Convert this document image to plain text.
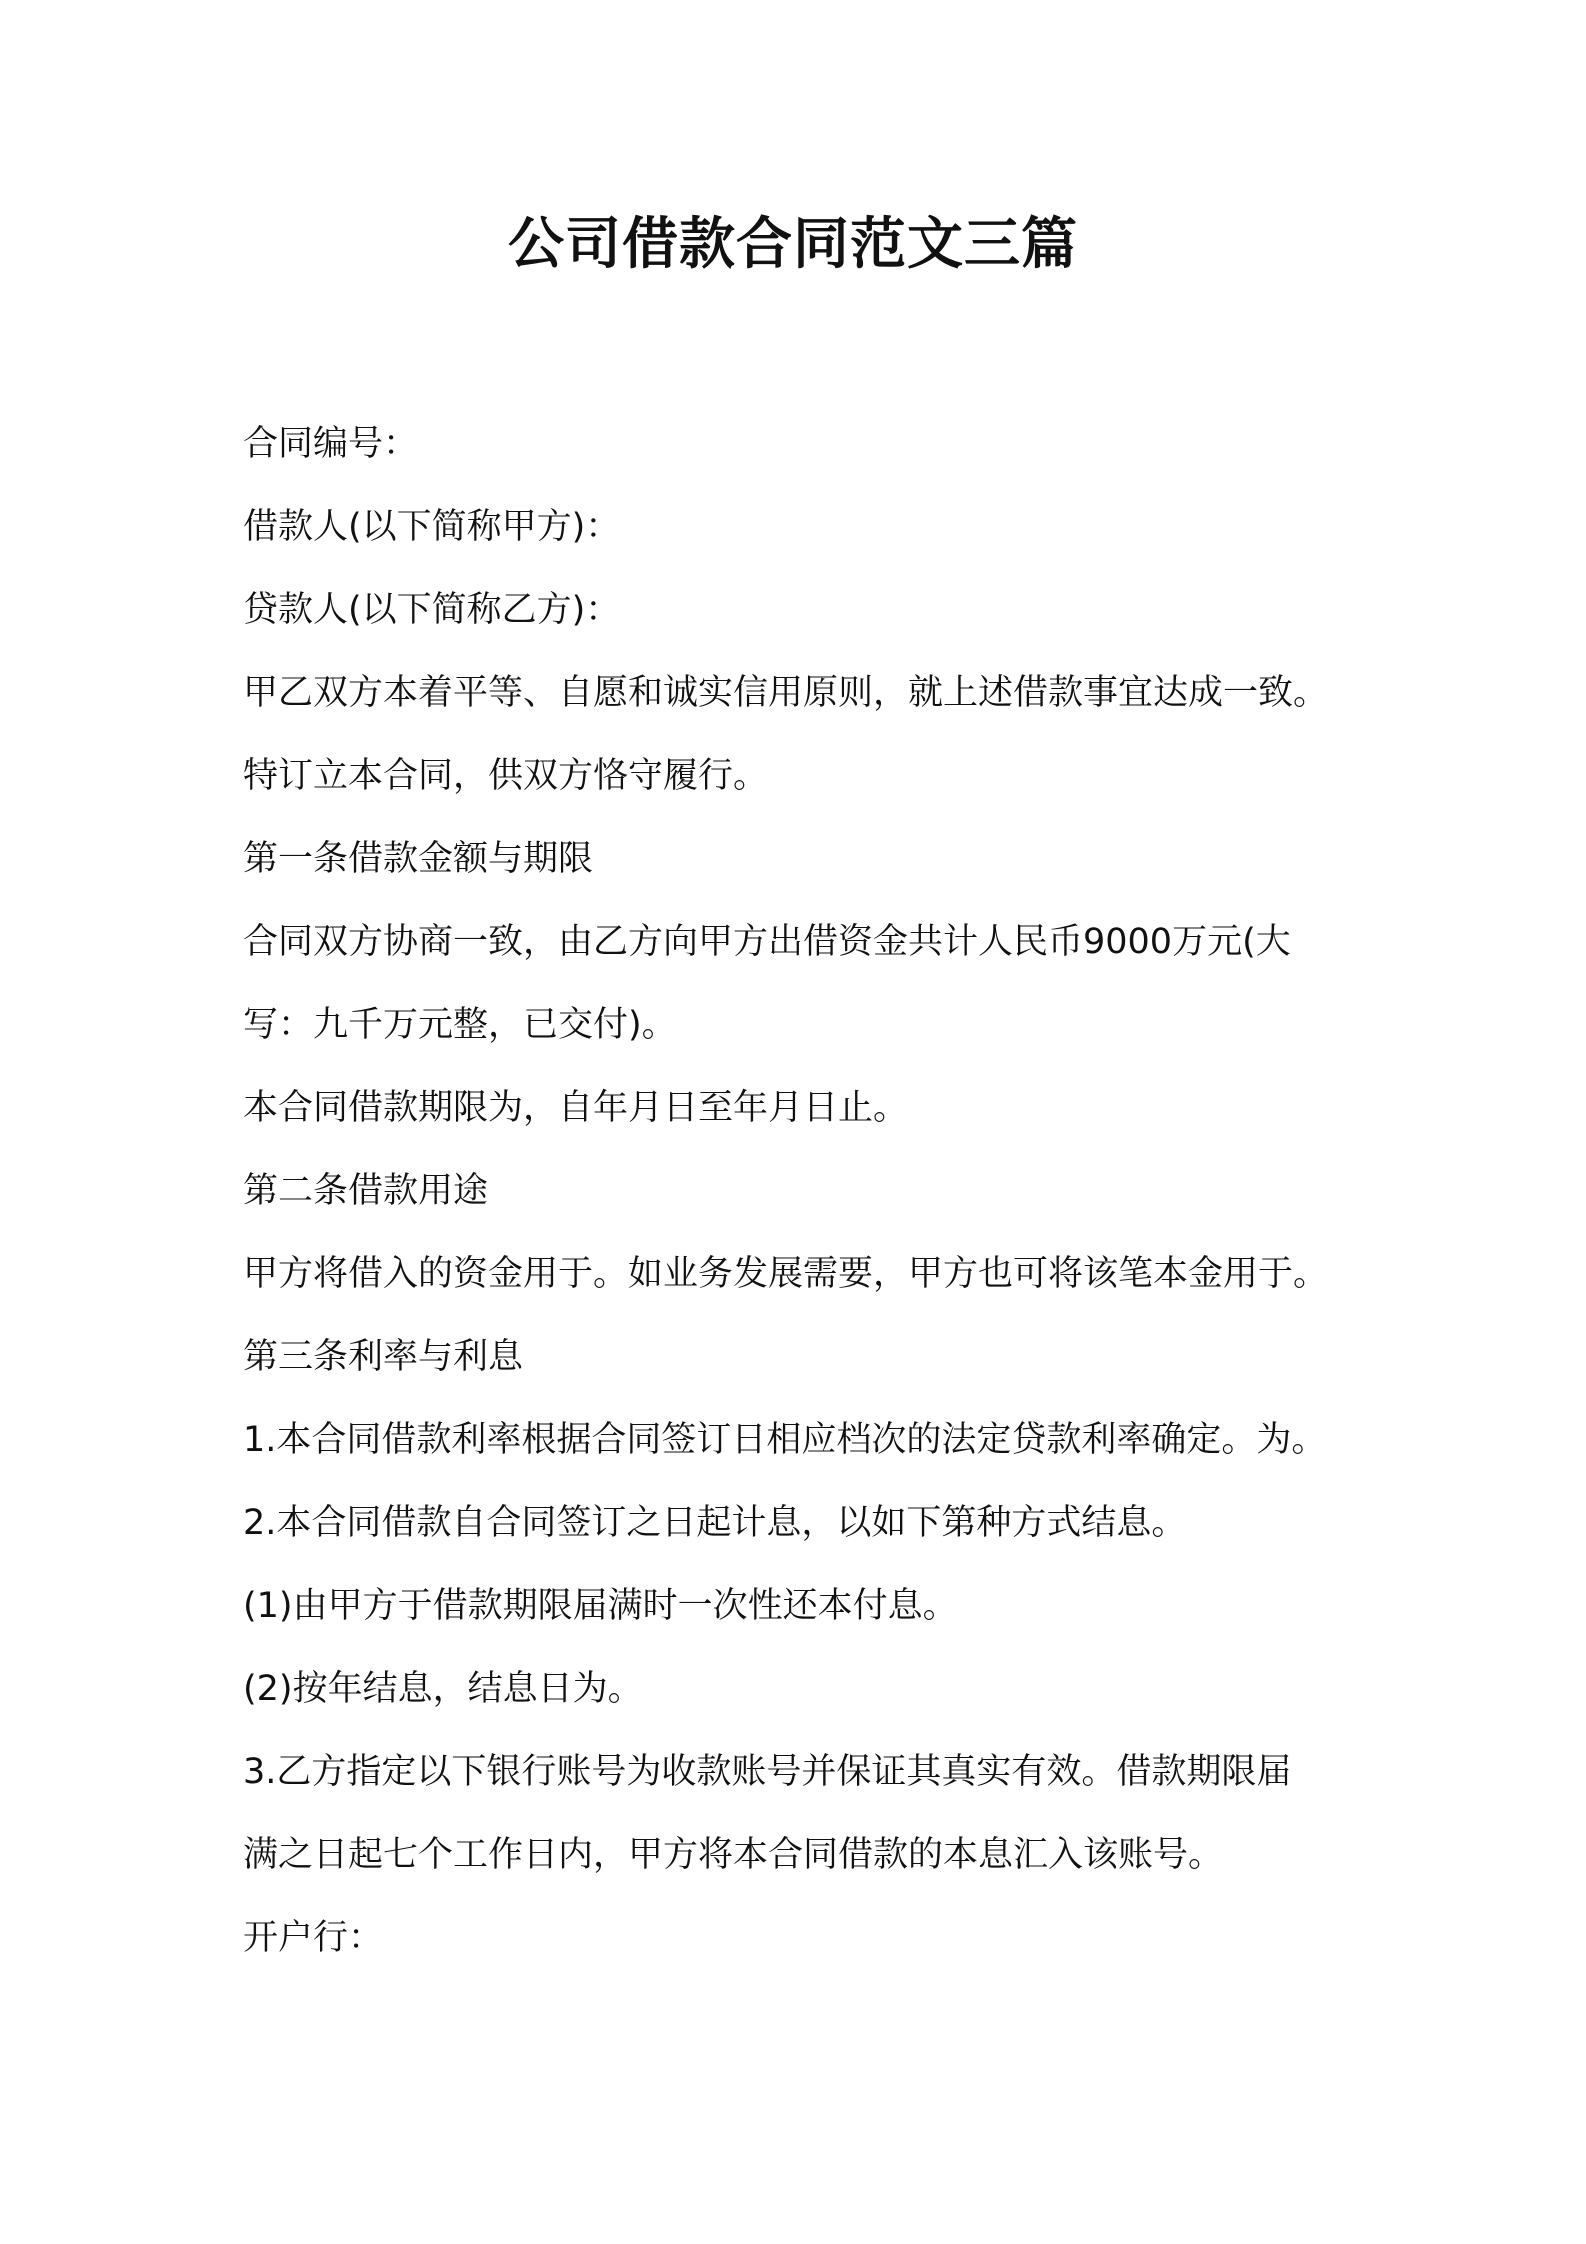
公司借款合同范文三篇
合同编号：
借款人(以下简称甲方)：
贷款人(以下简称乙方)：
甲乙双方本着平等、自愿和诚实信用原则，就上述借款事宜达成一致。
特订立本合同，供双方恪守履行。
第一条借款金额与期限
合同双方协商一致，由乙方向甲方出借资金共计人民币9000万元(大
写：九千万元整，已交付)。
本合同借款期限为，自年月日至年月日止。
第二条借款用途
甲方将借入的资金用于。如业务发展需要，甲方也可将该笔本金用于。
第三条利率与利息
1.本合同借款利率根据合同签订日相应档次的法定贷款利率确定。为。
2.本合同借款自合同签订之日起计息，以如下第种方式结息。
(1)由甲方于借款期限届满时一次性还本付息。
(2)按年结息，结息日为。
3.乙方指定以下银行账号为收款账号并保证其真实有效。借款期限届
满之日起七个工作日内，甲方将本合同借款的本息汇入该账号。
开户行：
